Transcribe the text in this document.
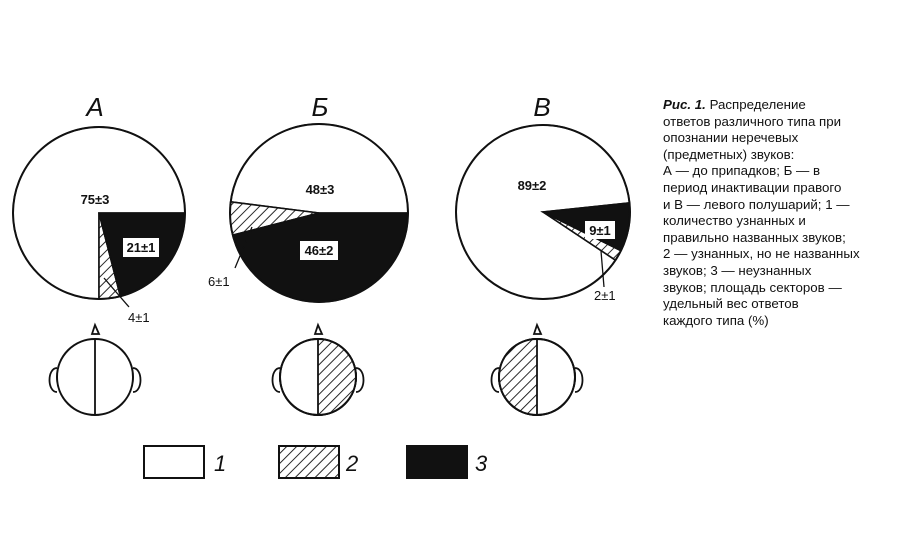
А	Б	В
75±3
21±1
4±1
48±3
46±2
6±1
89±2
9±1
2±1
1	2	3
Рис. 1. Распределение
ответов различного типа при
опознании неречевых
(предметных) звуков:
А — до припадков; Б — в
период инактивации правого
и В — левого полушарий; 1 —
количество узнанных и
правильно названных звуков;
2 — узнанных, но не названных
звуков; 3 — неузнанных
звуков; площадь секторов —
удельный вес ответов
каждого типа (%)
